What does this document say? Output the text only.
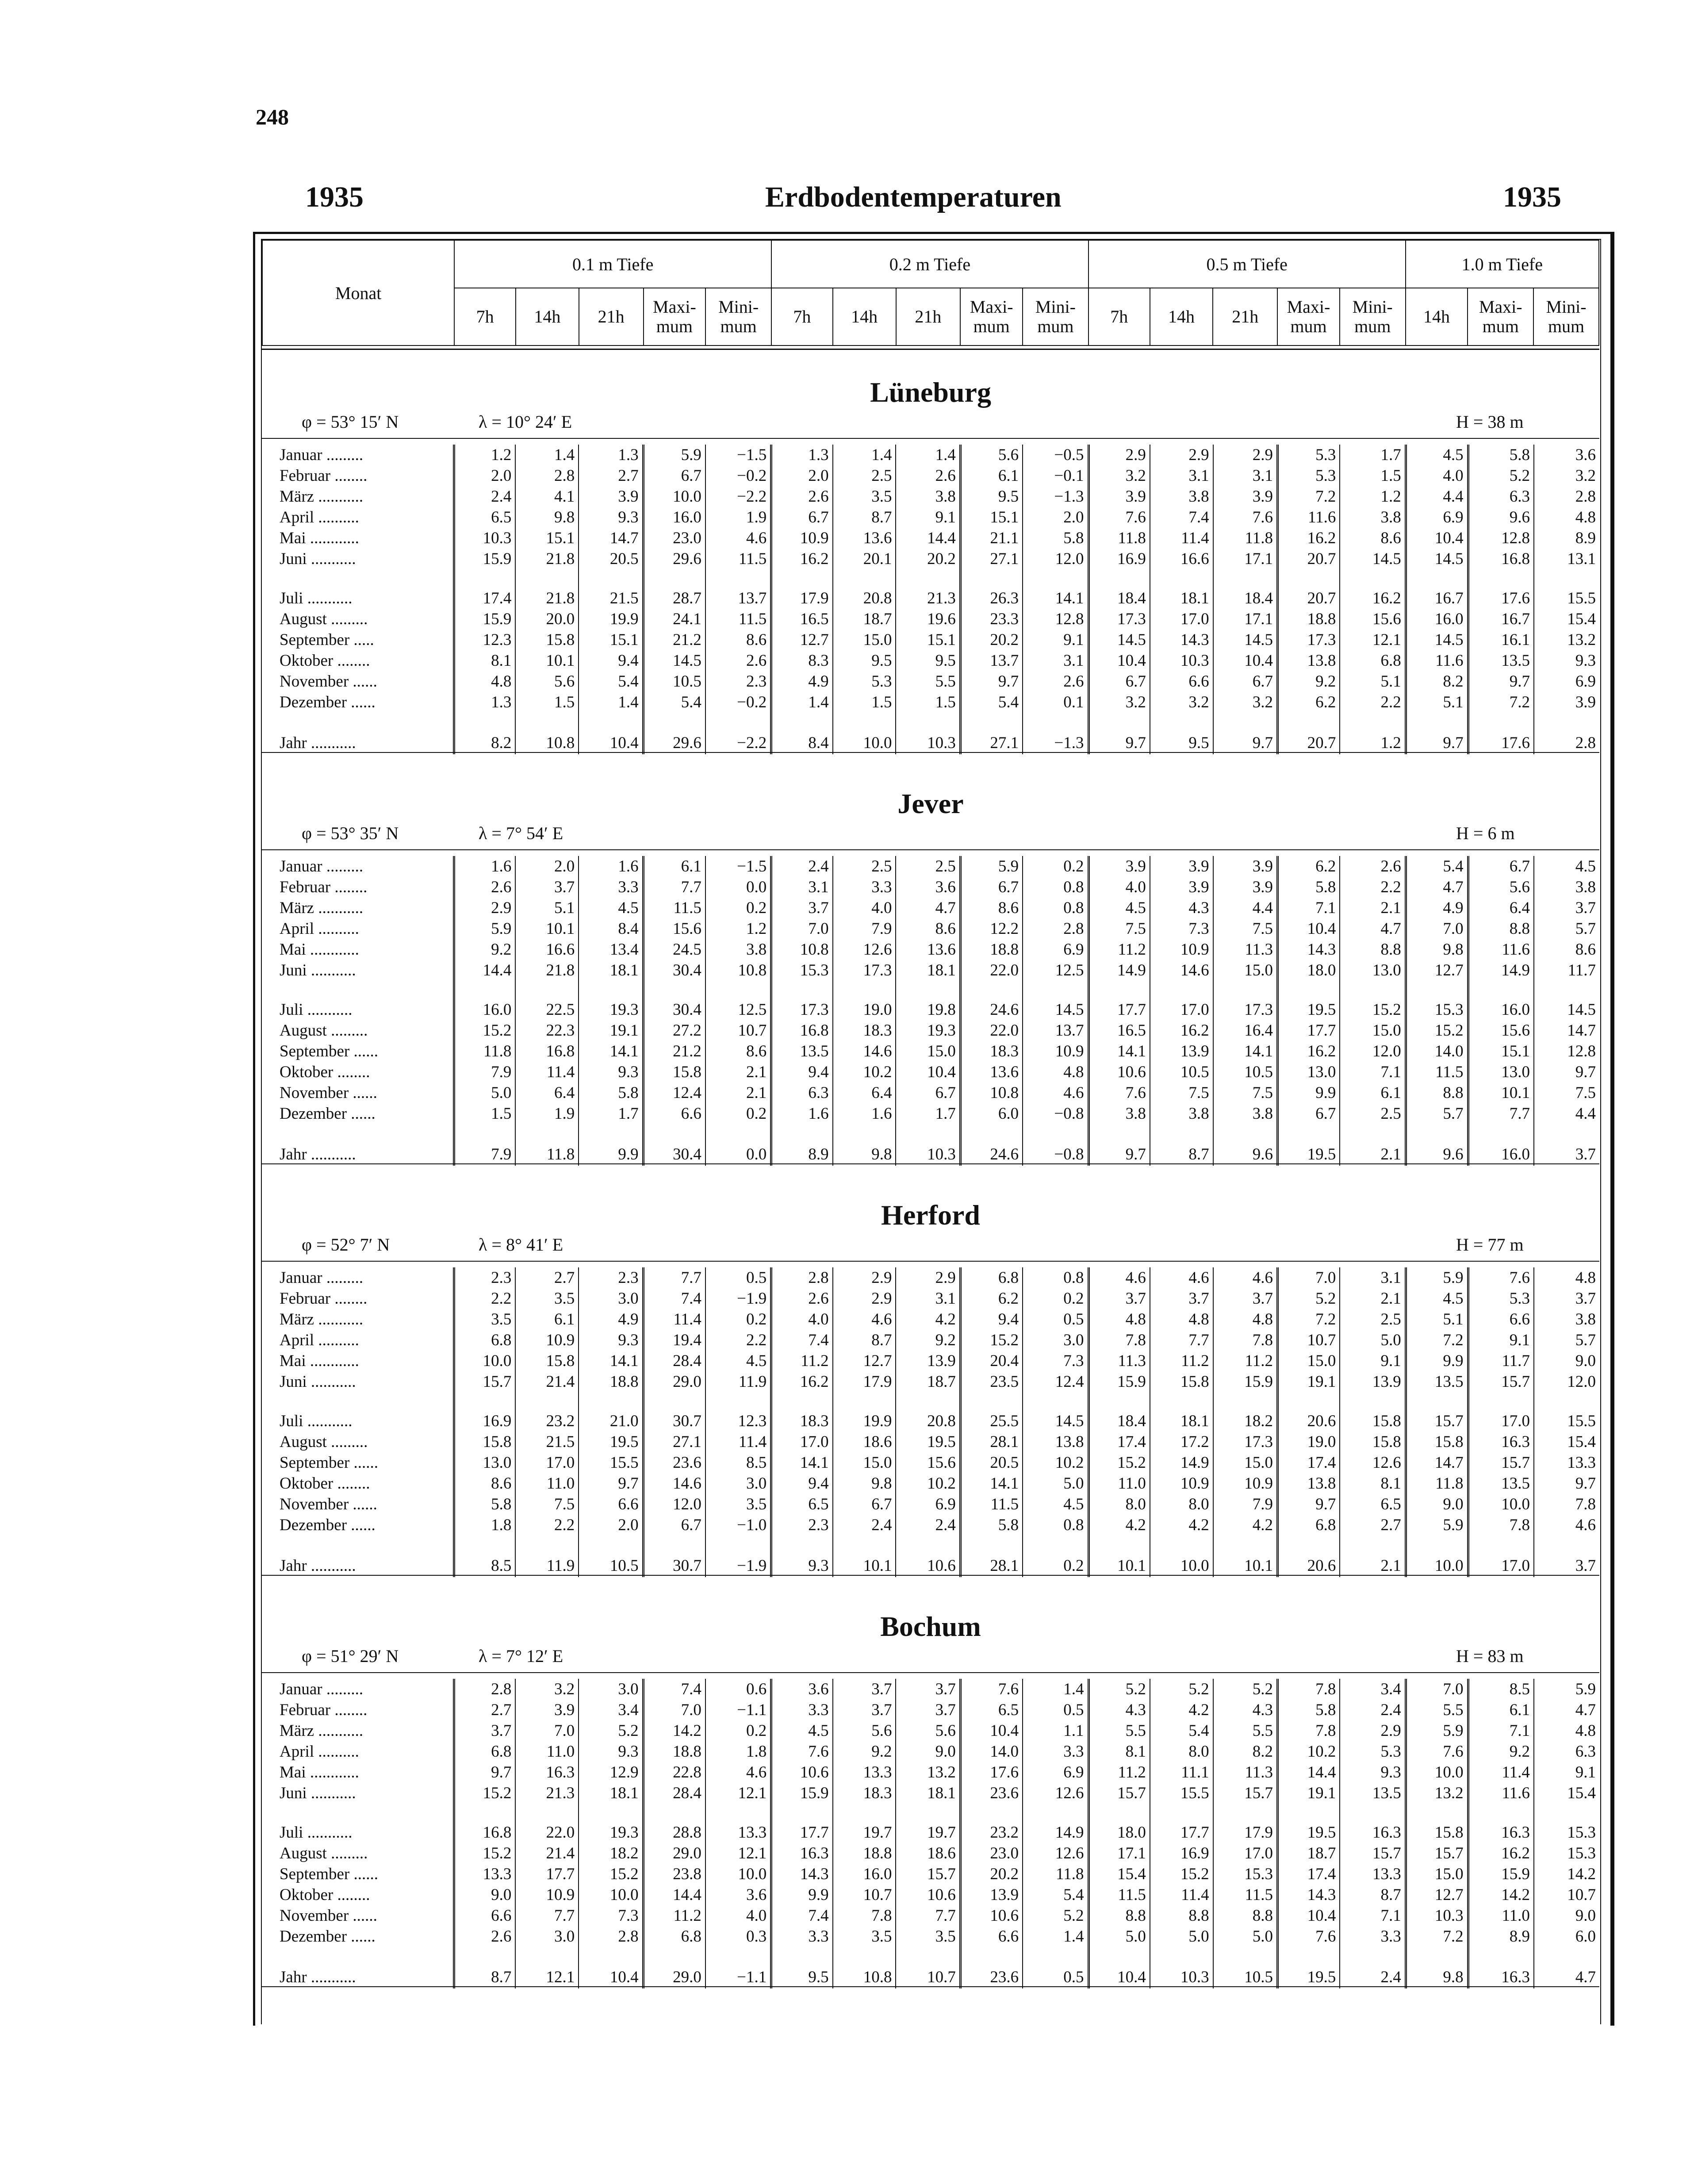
248
1935	Erdbodentemperaturen	1935
Monat	0.1 m Tiefe					0.2 m Tiefe					0.5 m Tiefe					1.0 m Tiefe		
	7h	14h	21h	Maxi- mum	Mini- mum	7h	14h	21h	Maxi- mum	Mini- mum	7h	14h	21h	Maxi- mum	Mini- mum	14h	Maxi- mum	Mini- mum
Lüneburg
φ = 53° 15′ N	λ = 10° 24′ E	H = 38 m
Januar .........	1.2	1.4	1.3	5.9	−1.5	1.3	1.4	1.4	5.6	−0.5	2.9	2.9	2.9	5.3	1.7	4.5	5.8	3.6
Februar ........	2.0	2.8	2.7	6.7	−0.2	2.0	2.5	2.6	6.1	−0.1	3.2	3.1	3.1	5.3	1.5	4.0	5.2	3.2
März ...........	2.4	4.1	3.9	10.0	−2.2	2.6	3.5	3.8	9.5	−1.3	3.9	3.8	3.9	7.2	1.2	4.4	6.3	2.8
April ..........	6.5	9.8	9.3	16.0	1.9	6.7	8.7	9.1	15.1	2.0	7.6	7.4	7.6	11.6	3.8	6.9	9.6	4.8
Mai ............	10.3	15.1	14.7	23.0	4.6	10.9	13.6	14.4	21.1	5.8	11.8	11.4	11.8	16.2	8.6	10.4	12.8	8.9
Juni ...........	15.9	21.8	20.5	29.6	11.5	16.2	20.1	20.2	27.1	12.0	16.9	16.6	17.1	20.7	14.5	14.5	16.8	13.1

Juli ...........	17.4	21.8	21.5	28.7	13.7	17.9	20.8	21.3	26.3	14.1	18.4	18.1	18.4	20.7	16.2	16.7	17.6	15.5
August .........	15.9	20.0	19.9	24.1	11.5	16.5	18.7	19.6	23.3	12.8	17.3	17.0	17.1	18.8	15.6	16.0	16.7	15.4
September .....	12.3	15.8	15.1	21.2	8.6	12.7	15.0	15.1	20.2	9.1	14.5	14.3	14.5	17.3	12.1	14.5	16.1	13.2
Oktober ........	8.1	10.1	9.4	14.5	2.6	8.3	9.5	9.5	13.7	3.1	10.4	10.3	10.4	13.8	6.8	11.6	13.5	9.3
November ......	4.8	5.6	5.4	10.5	2.3	4.9	5.3	5.5	9.7	2.6	6.7	6.6	6.7	9.2	5.1	8.2	9.7	6.9
Dezember ......	1.3	1.5	1.4	5.4	−0.2	1.4	1.5	1.5	5.4	0.1	3.2	3.2	3.2	6.2	2.2	5.1	7.2	3.9

Jahr ...........	8.2	10.8	10.4	29.6	−2.2	8.4	10.0	10.3	27.1	−1.3	9.7	9.5	9.7	20.7	1.2	9.7	17.6	2.8
Jever
φ = 53° 35′ N	λ = 7° 54′ E	H = 6 m
Januar .........	1.6	2.0	1.6	6.1	−1.5	2.4	2.5	2.5	5.9	0.2	3.9	3.9	3.9	6.2	2.6	5.4	6.7	4.5
Februar ........	2.6	3.7	3.3	7.7	0.0	3.1	3.3	3.6	6.7	0.8	4.0	3.9	3.9	5.8	2.2	4.7	5.6	3.8
März ...........	2.9	5.1	4.5	11.5	0.2	3.7	4.0	4.7	8.6	0.8	4.5	4.3	4.4	7.1	2.1	4.9	6.4	3.7
April ..........	5.9	10.1	8.4	15.6	1.2	7.0	7.9	8.6	12.2	2.8	7.5	7.3	7.5	10.4	4.7	7.0	8.8	5.7
Mai ............	9.2	16.6	13.4	24.5	3.8	10.8	12.6	13.6	18.8	6.9	11.2	10.9	11.3	14.3	8.8	9.8	11.6	8.6
Juni ...........	14.4	21.8	18.1	30.4	10.8	15.3	17.3	18.1	22.0	12.5	14.9	14.6	15.0	18.0	13.0	12.7	14.9	11.7

Juli ...........	16.0	22.5	19.3	30.4	12.5	17.3	19.0	19.8	24.6	14.5	17.7	17.0	17.3	19.5	15.2	15.3	16.0	14.5
August .........	15.2	22.3	19.1	27.2	10.7	16.8	18.3	19.3	22.0	13.7	16.5	16.2	16.4	17.7	15.0	15.2	15.6	14.7
September ......	11.8	16.8	14.1	21.2	8.6	13.5	14.6	15.0	18.3	10.9	14.1	13.9	14.1	16.2	12.0	14.0	15.1	12.8
Oktober ........	7.9	11.4	9.3	15.8	2.1	9.4	10.2	10.4	13.6	4.8	10.6	10.5	10.5	13.0	7.1	11.5	13.0	9.7
November ......	5.0	6.4	5.8	12.4	2.1	6.3	6.4	6.7	10.8	4.6	7.6	7.5	7.5	9.9	6.1	8.8	10.1	7.5
Dezember ......	1.5	1.9	1.7	6.6	0.2	1.6	1.6	1.7	6.0	−0.8	3.8	3.8	3.8	6.7	2.5	5.7	7.7	4.4

Jahr ...........	7.9	11.8	9.9	30.4	0.0	8.9	9.8	10.3	24.6	−0.8	9.7	8.7	9.6	19.5	2.1	9.6	16.0	3.7
Herford
φ = 52° 7′ N	λ = 8° 41′ E	H = 77 m
Januar .........	2.3	2.7	2.3	7.7	0.5	2.8	2.9	2.9	6.8	0.8	4.6	4.6	4.6	7.0	3.1	5.9	7.6	4.8
Februar ........	2.2	3.5	3.0	7.4	−1.9	2.6	2.9	3.1	6.2	0.2	3.7	3.7	3.7	5.2	2.1	4.5	5.3	3.7
März ...........	3.5	6.1	4.9	11.4	0.2	4.0	4.6	4.2	9.4	0.5	4.8	4.8	4.8	7.2	2.5	5.1	6.6	3.8
April ..........	6.8	10.9	9.3	19.4	2.2	7.4	8.7	9.2	15.2	3.0	7.8	7.7	7.8	10.7	5.0	7.2	9.1	5.7
Mai ............	10.0	15.8	14.1	28.4	4.5	11.2	12.7	13.9	20.4	7.3	11.3	11.2	11.2	15.0	9.1	9.9	11.7	9.0
Juni ...........	15.7	21.4	18.8	29.0	11.9	16.2	17.9	18.7	23.5	12.4	15.9	15.8	15.9	19.1	13.9	13.5	15.7	12.0

Juli ...........	16.9	23.2	21.0	30.7	12.3	18.3	19.9	20.8	25.5	14.5	18.4	18.1	18.2	20.6	15.8	15.7	17.0	15.5
August .........	15.8	21.5	19.5	27.1	11.4	17.0	18.6	19.5	28.1	13.8	17.4	17.2	17.3	19.0	15.8	15.8	16.3	15.4
September ......	13.0	17.0	15.5	23.6	8.5	14.1	15.0	15.6	20.5	10.2	15.2	14.9	15.0	17.4	12.6	14.7	15.7	13.3
Oktober ........	8.6	11.0	9.7	14.6	3.0	9.4	9.8	10.2	14.1	5.0	11.0	10.9	10.9	13.8	8.1	11.8	13.5	9.7
November ......	5.8	7.5	6.6	12.0	3.5	6.5	6.7	6.9	11.5	4.5	8.0	8.0	7.9	9.7	6.5	9.0	10.0	7.8
Dezember ......	1.8	2.2	2.0	6.7	−1.0	2.3	2.4	2.4	5.8	0.8	4.2	4.2	4.2	6.8	2.7	5.9	7.8	4.6

Jahr ...........	8.5	11.9	10.5	30.7	−1.9	9.3	10.1	10.6	28.1	0.2	10.1	10.0	10.1	20.6	2.1	10.0	17.0	3.7
Bochum
φ = 51° 29′ N	λ = 7° 12′ E	H = 83 m
Januar .........	2.8	3.2	3.0	7.4	0.6	3.6	3.7	3.7	7.6	1.4	5.2	5.2	5.2	7.8	3.4	7.0	8.5	5.9
Februar ........	2.7	3.9	3.4	7.0	−1.1	3.3	3.7	3.7	6.5	0.5	4.3	4.2	4.3	5.8	2.4	5.5	6.1	4.7
März ...........	3.7	7.0	5.2	14.2	0.2	4.5	5.6	5.6	10.4	1.1	5.5	5.4	5.5	7.8	2.9	5.9	7.1	4.8
April ..........	6.8	11.0	9.3	18.8	1.8	7.6	9.2	9.0	14.0	3.3	8.1	8.0	8.2	10.2	5.3	7.6	9.2	6.3
Mai ............	9.7	16.3	12.9	22.8	4.6	10.6	13.3	13.2	17.6	6.9	11.2	11.1	11.3	14.4	9.3	10.0	11.4	9.1
Juni ...........	15.2	21.3	18.1	28.4	12.1	15.9	18.3	18.1	23.6	12.6	15.7	15.5	15.7	19.1	13.5	13.2	11.6	15.4

Juli ...........	16.8	22.0	19.3	28.8	13.3	17.7	19.7	19.7	23.2	14.9	18.0	17.7	17.9	19.5	16.3	15.8	16.3	15.3
August .........	15.2	21.4	18.2	29.0	12.1	16.3	18.8	18.6	23.0	12.6	17.1	16.9	17.0	18.7	15.7	15.7	16.2	15.3
September ......	13.3	17.7	15.2	23.8	10.0	14.3	16.0	15.7	20.2	11.8	15.4	15.2	15.3	17.4	13.3	15.0	15.9	14.2
Oktober ........	9.0	10.9	10.0	14.4	3.6	9.9	10.7	10.6	13.9	5.4	11.5	11.4	11.5	14.3	8.7	12.7	14.2	10.7
November ......	6.6	7.7	7.3	11.2	4.0	7.4	7.8	7.7	10.6	5.2	8.8	8.8	8.8	10.4	7.1	10.3	11.0	9.0
Dezember ......	2.6	3.0	2.8	6.8	0.3	3.3	3.5	3.5	6.6	1.4	5.0	5.0	5.0	7.6	3.3	7.2	8.9	6.0

Jahr ...........	8.7	12.1	10.4	29.0	−1.1	9.5	10.8	10.7	23.6	0.5	10.4	10.3	10.5	19.5	2.4	9.8	16.3	4.7
